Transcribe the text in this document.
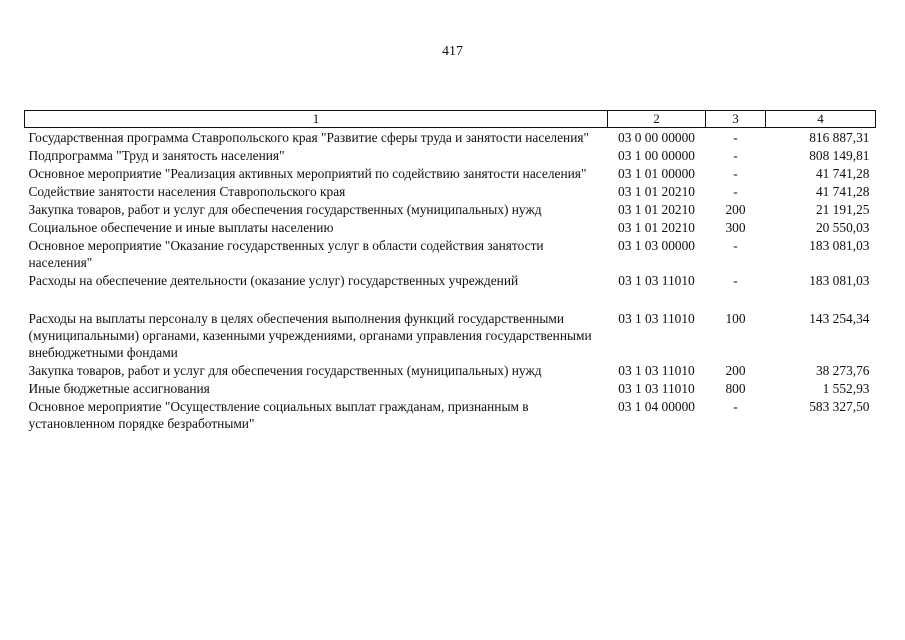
417
1	2	3	4
Государственная программа Ставропольского края "Развитие сферы труда и занятости населения"	03 0 00 00000	-	816 887,31
Подпрограмма "Труд и занятость населения"	03 1 00 00000	-	808 149,81
Основное мероприятие "Реализация активных мероприятий по содействию занятости населения"	03 1 01 00000	-	41 741,28
Содействие занятости населения Ставропольского края	03 1 01 20210	-	41 741,28
Закупка товаров, работ и услуг для обеспечения государственных (муниципальных) нужд	03 1 01 20210	200	21 191,25
Социальное обеспечение и иные выплаты населению	03 1 01 20210	300	20 550,03
Основное мероприятие "Оказание государственных услуг в области содействия занятости населения"	03 1 03 00000	-	183 081,03
Расходы на обеспечение деятельности (оказание услуг) государственных учреждений	03 1 03 11010	-	183 081,03

Расходы на выплаты персоналу в целях обеспечения выполнения функций государственными (муниципальными) органами, казенными учреждениями, органами управления государственными внебюджетными фондами	03 1 03 11010	100	143 254,34
Закупка товаров, работ и услуг для обеспечения государственных (муниципальных) нужд	03 1 03 11010	200	38 273,76
Иные бюджетные ассигнования	03 1 03 11010	800	1 552,93
Основное мероприятие "Осуществление социальных выплат гражданам, признанным в установленном порядке безработными"	03 1 04 00000	-	583 327,50
